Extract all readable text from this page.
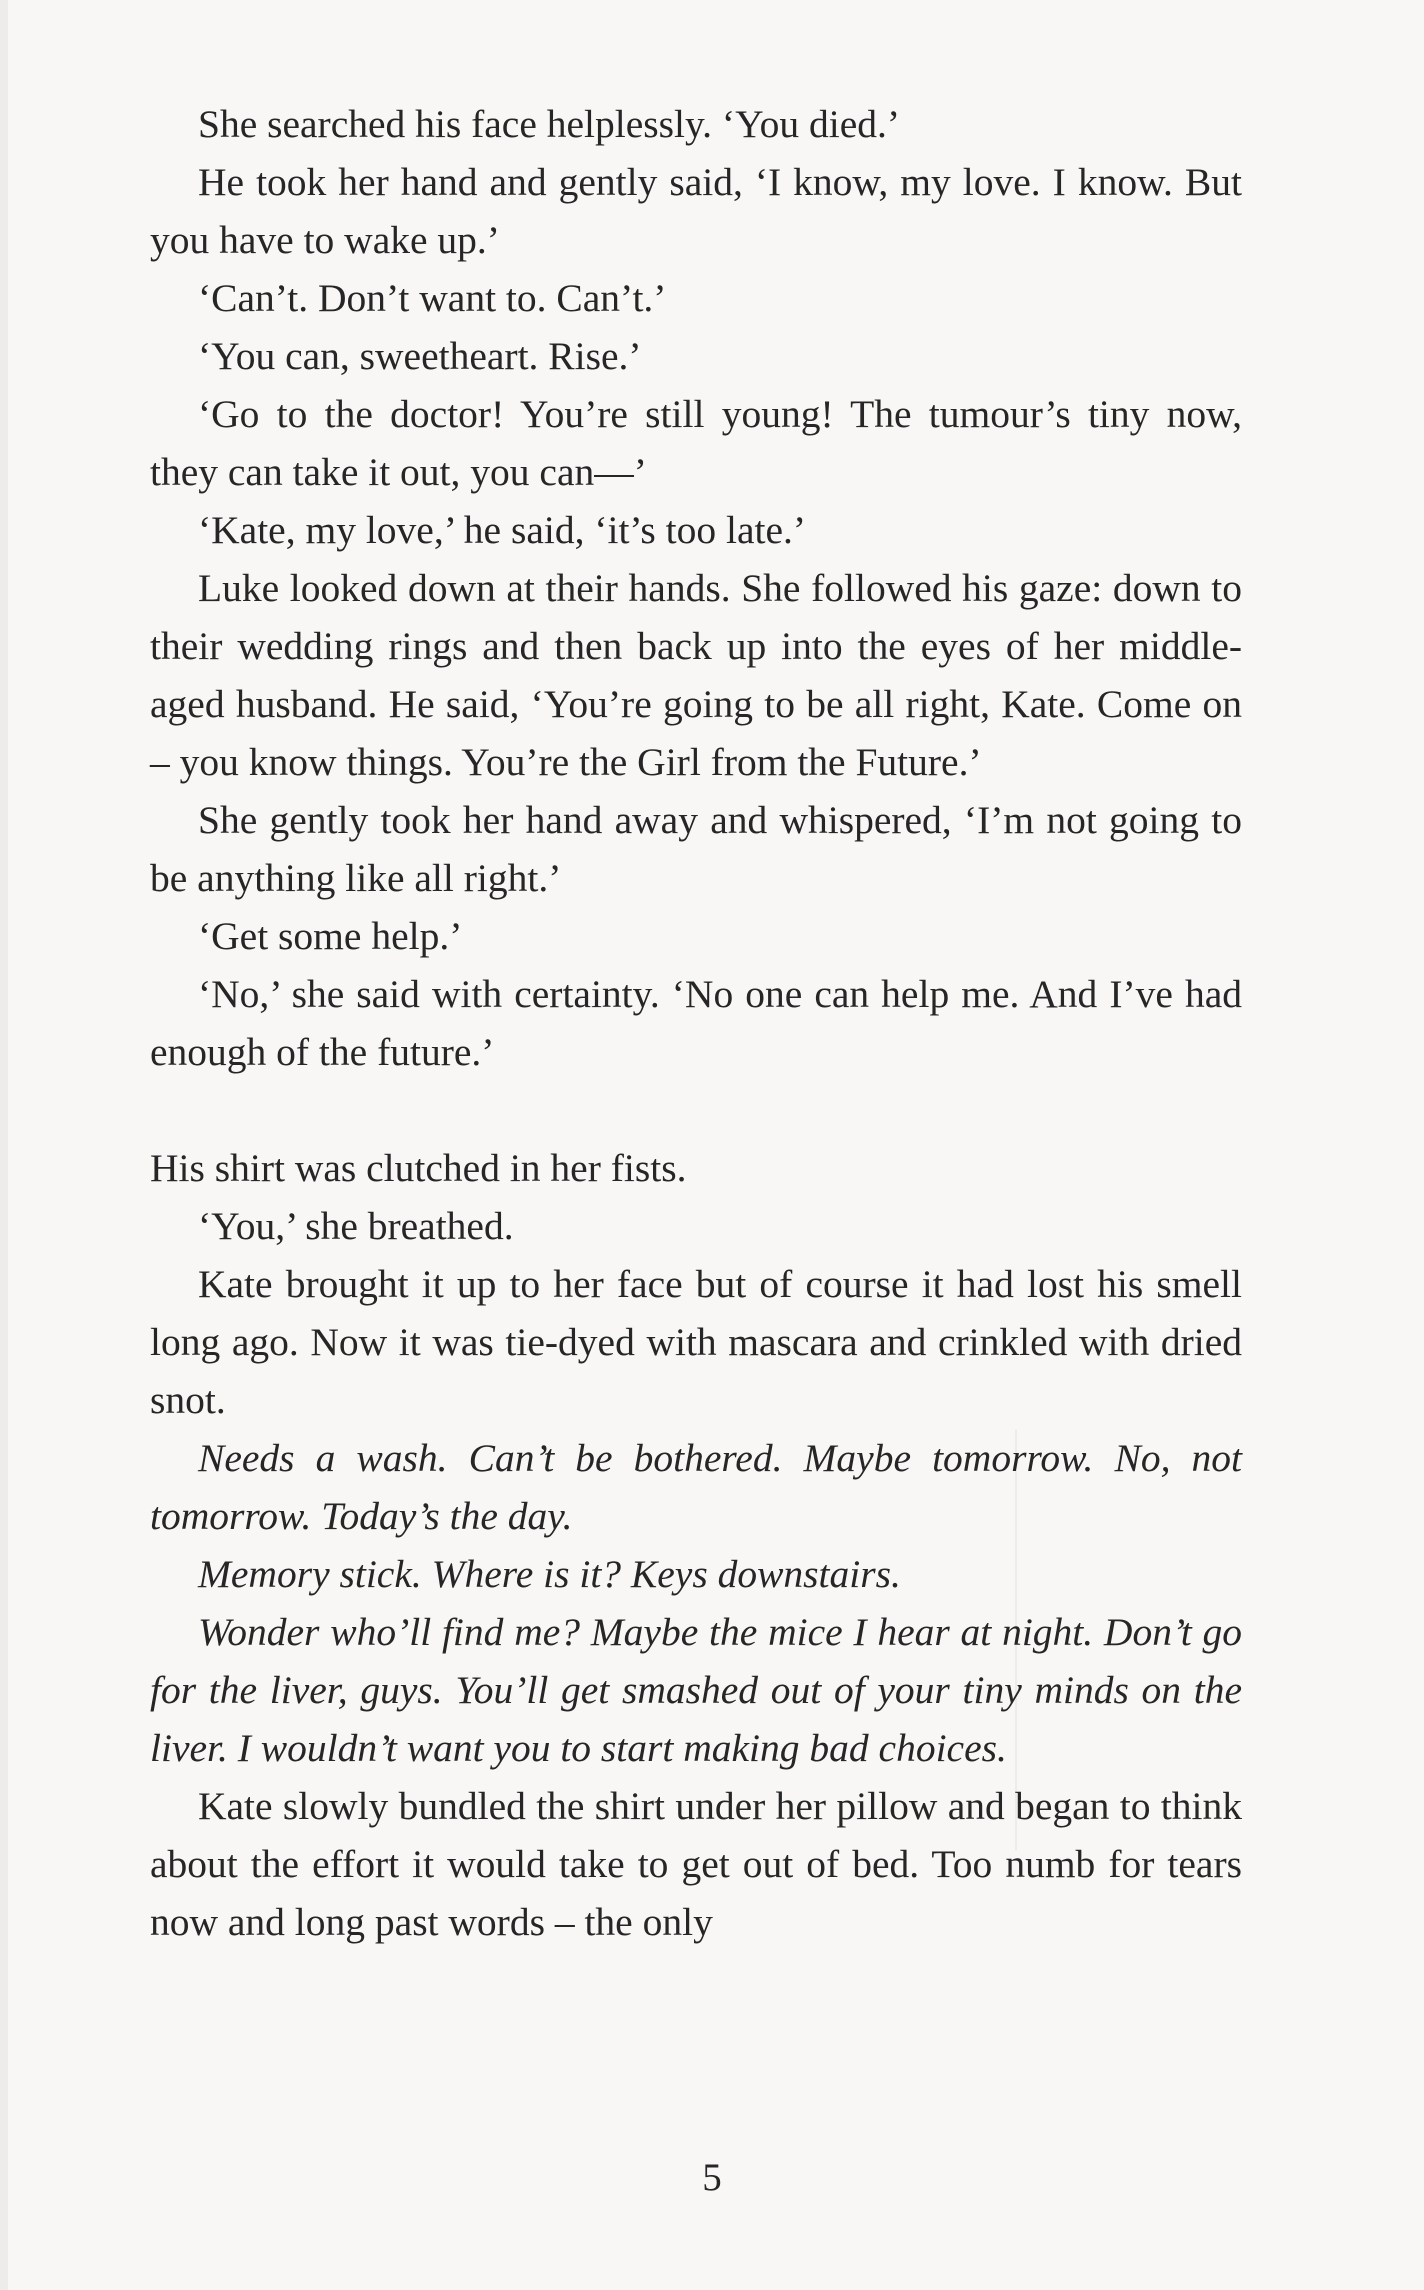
She searched his face helplessly. ‘You died.’

He took her hand and gently said, ‘I know, my love. I know. But you have to wake up.’

‘Can’t. Don’t want to. Can’t.’

‘You can, sweetheart. Rise.’

‘Go to the doctor! You’re still young! The tumour’s tiny now, they can take it out, you can—’

‘Kate, my love,’ he said, ‘it’s too late.’

Luke looked down at their hands. She followed his gaze: down to their wedding rings and then back up into the eyes of her middle-aged husband. He said, ‘You’re going to be all right, Kate. Come on – you know things. You’re the Girl from the Future.’

She gently took her hand away and whispered, ‘I’m not going to be anything like all right.’

‘Get some help.’

‘No,’ she said with certainty. ‘No one can help me. And I’ve had enough of the future.’

His shirt was clutched in her fists.

‘You,’ she breathed.

Kate brought it up to her face but of course it had lost his smell long ago. Now it was tie-dyed with mascara and crinkled with dried snot.

Needs a wash. Can’t be bothered. Maybe tomorrow. No, not tomorrow. Today’s the day.

Memory stick. Where is it? Keys downstairs.

Wonder who’ll find me? Maybe the mice I hear at night. Don’t go for the liver, guys. You’ll get smashed out of your tiny minds on the liver. I wouldn’t want you to start making bad choices.

Kate slowly bundled the shirt under her pillow and began to think about the effort it would take to get out of bed. Too numb for tears now and long past words – the only

5
